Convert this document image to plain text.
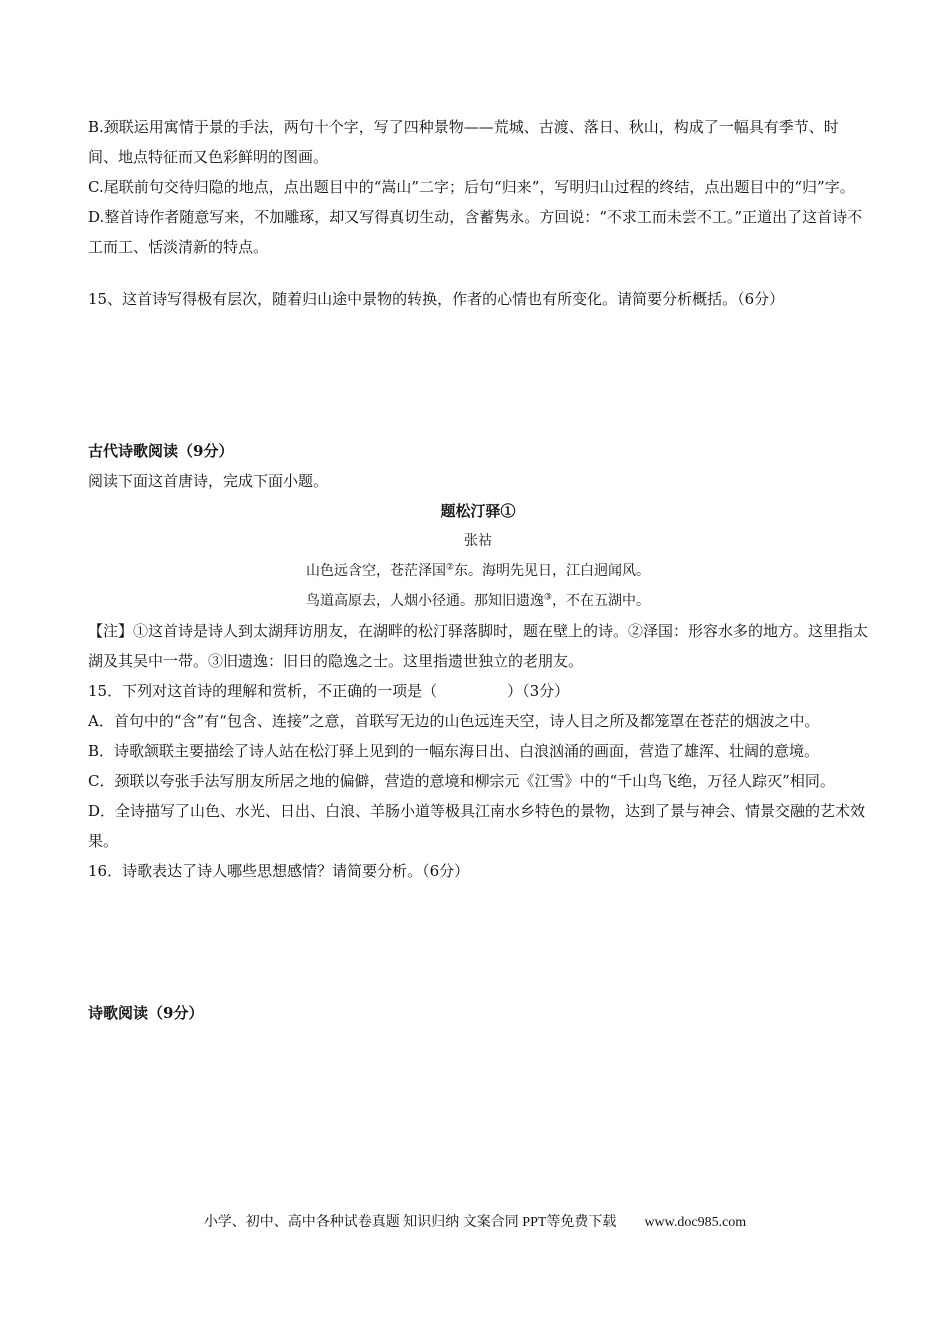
B.颈联运用寓情于景的手法，两句十个字，写了四种景物——荒城、古渡、落日、秋山，构成了一幅具有季节、时间、地点特征而又色彩鲜明的图画。

C.尾联前句交待归隐的地点，点出题目中的“嵩山”二字；后句“归来”，写明归山过程的终结，点出题目中的“归”字。

D.整首诗作者随意写来，不加雕琢，却又写得真切生动，含蓄隽永。方回说：“不求工而未尝不工。”正道出了这首诗不工而工、恬淡清新的特点。

15、这首诗写得极有层次，随着归山途中景物的转换，作者的心情也有所变化。请简要分析概括。（6分）

古代诗歌阅读（9分）

阅读下面这首唐诗，完成下面小题。

题松汀驿①

张祜

山色远含空，苍茫泽国②东。海明先见日，江白迥闻风。

鸟道高原去，人烟小径通。那知旧遗逸③，不在五湖中。

【注】①这首诗是诗人到太湖拜访朋友，在湖畔的松汀驿落脚时，题在壁上的诗。②泽国：形容水多的地方。这里指太湖及其吴中一带。③旧遗逸：旧日的隐逸之士。这里指遗世独立的老朋友。

15．下列对这首诗的理解和赏析，不正确的一项是（	）（3分）

A．首句中的“含”有“包含、连接”之意，首联写无边的山色远连天空，诗人目之所及都笼罩在苍茫的烟波之中。

B．诗歌颔联主要描绘了诗人站在松汀驿上见到的一幅东海日出、白浪汹涌的画面，营造了雄浑、壮阔的意境。

C．颈联以夸张手法写朋友所居之地的偏僻，营造的意境和柳宗元《江雪》中的“千山鸟飞绝，万径人踪灭”相同。

D．全诗描写了山色、水光、日出、白浪、羊肠小道等极具江南水乡特色的景物，达到了景与神会、情景交融的艺术效果。

16．诗歌表达了诗人哪些思想感情？请简要分析。（6分）

诗歌阅读（9分）

小学、初中、高中各种试卷真题 知识归纳 文案合同 PPT等免费下载 www.doc985.com
